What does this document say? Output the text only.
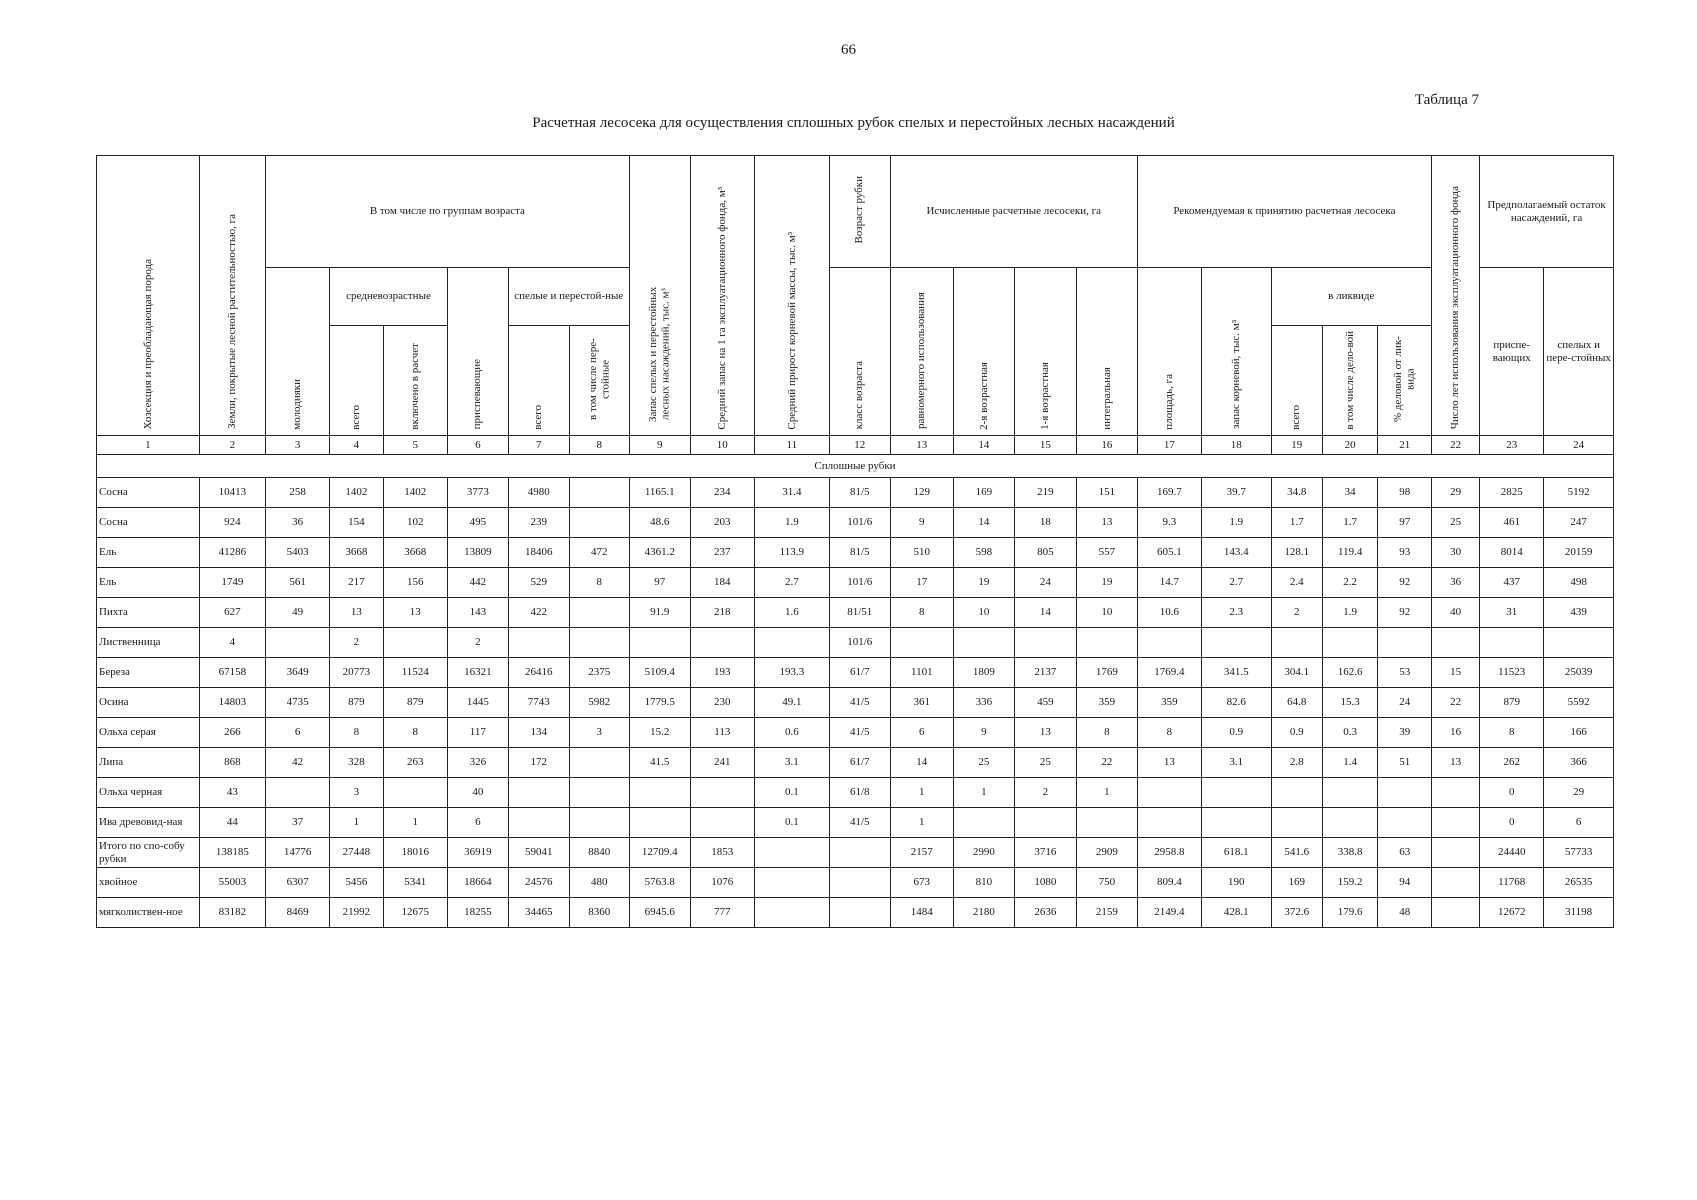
66
Таблица 7
Расчетная лесосека для осуществления сплошных рубок спелых и перестойных лесных насаждений
Хозсекция и преобладающая порода	Земли, покрытые лесной растительностью, га	В том числе по группам возраста						Запас спелых и перестойных лесных насаждений, тыс. м³	Средний запас на 1 га эксплуатационного фонда, м³	Средний прирост корневой массы, тыс. м³	Возраст рубки	Исчисленные расчетные лесосеки, га				Рекомендуемая к принятию расчетная лесосека					Число лет использования эксплуатационного фонда	Предполагаемый остаток насаждений, га	
		молодняки	средневозрастные		приспевающие	спелые и перестой-ные					класс возраста	равномерного использования	2-я возрастная	1-я возрастная	интегральная	площадь, га	запас корневой, тыс. м³	в ликвиде				приспе-вающих	спелых и пере-стойных
			всего	включено в расчет		всего	в том числе пере-стойные											всего	в том числе дело-вой	% деловой от лик-вида			
1	2	3	4	5	6	7	8	9	10	11	12	13	14	15	16	17	18	19	20	21	22	23	24
Сплошные рубки																							
Сосна	10413	258	1402	1402	3773	4980		1165.1	234	31.4	81/5	129	169	219	151	169.7	39.7	34.8	34	98	29	2825	5192
Сосна	924	36	154	102	495	239		48.6	203	1.9	101/6	9	14	18	13	9.3	1.9	1.7	1.7	97	25	461	247
Ель	41286	5403	3668	3668	13809	18406	472	4361.2	237	113.9	81/5	510	598	805	557	605.1	143.4	128.1	119.4	93	30	8014	20159
Ель	1749	561	217	156	442	529	8	97	184	2.7	101/6	17	19	24	19	14.7	2.7	2.4	2.2	92	36	437	498
Пихта	627	49	13	13	143	422		91.9	218	1.6	81/51	8	10	14	10	10.6	2.3	2	1.9	92	40	31	439
Лиственница	4		2		2						101/6												
Береза	67158	3649	20773	11524	16321	26416	2375	5109.4	193	193.3	61/7	1101	1809	2137	1769	1769.4	341.5	304.1	162.6	53	15	11523	25039
Осина	14803	4735	879	879	1445	7743	5982	1779.5	230	49.1	41/5	361	336	459	359	359	82.6	64.8	15.3	24	22	879	5592
Ольха серая	266	6	8	8	117	134	3	15.2	113	0.6	41/5	6	9	13	8	8	0.9	0.9	0.3	39	16	8	166
Липа	868	42	328	263	326	172		41.5	241	3.1	61/7	14	25	25	22	13	3.1	2.8	1.4	51	13	262	366
Ольха черная	43		3		40					0.1	61/8	1	1	2	1							0	29
Ива древовид-ная	44	37	1	1	6					0.1	41/5	1										0	6
Итого по спо-собу рубки	138185	14776	27448	18016	36919	59041	8840	12709.4	1853			2157	2990	3716	2909	2958.8	618.1	541.6	338.8	63		24440	57733
хвойное	55003	6307	5456	5341	18664	24576	480	5763.8	1076			673	810	1080	750	809.4	190	169	159.2	94		11768	26535
мягколиствен-ное	83182	8469	21992	12675	18255	34465	8360	6945.6	777			1484	2180	2636	2159	2149.4	428.1	372.6	179.6	48		12672	31198
